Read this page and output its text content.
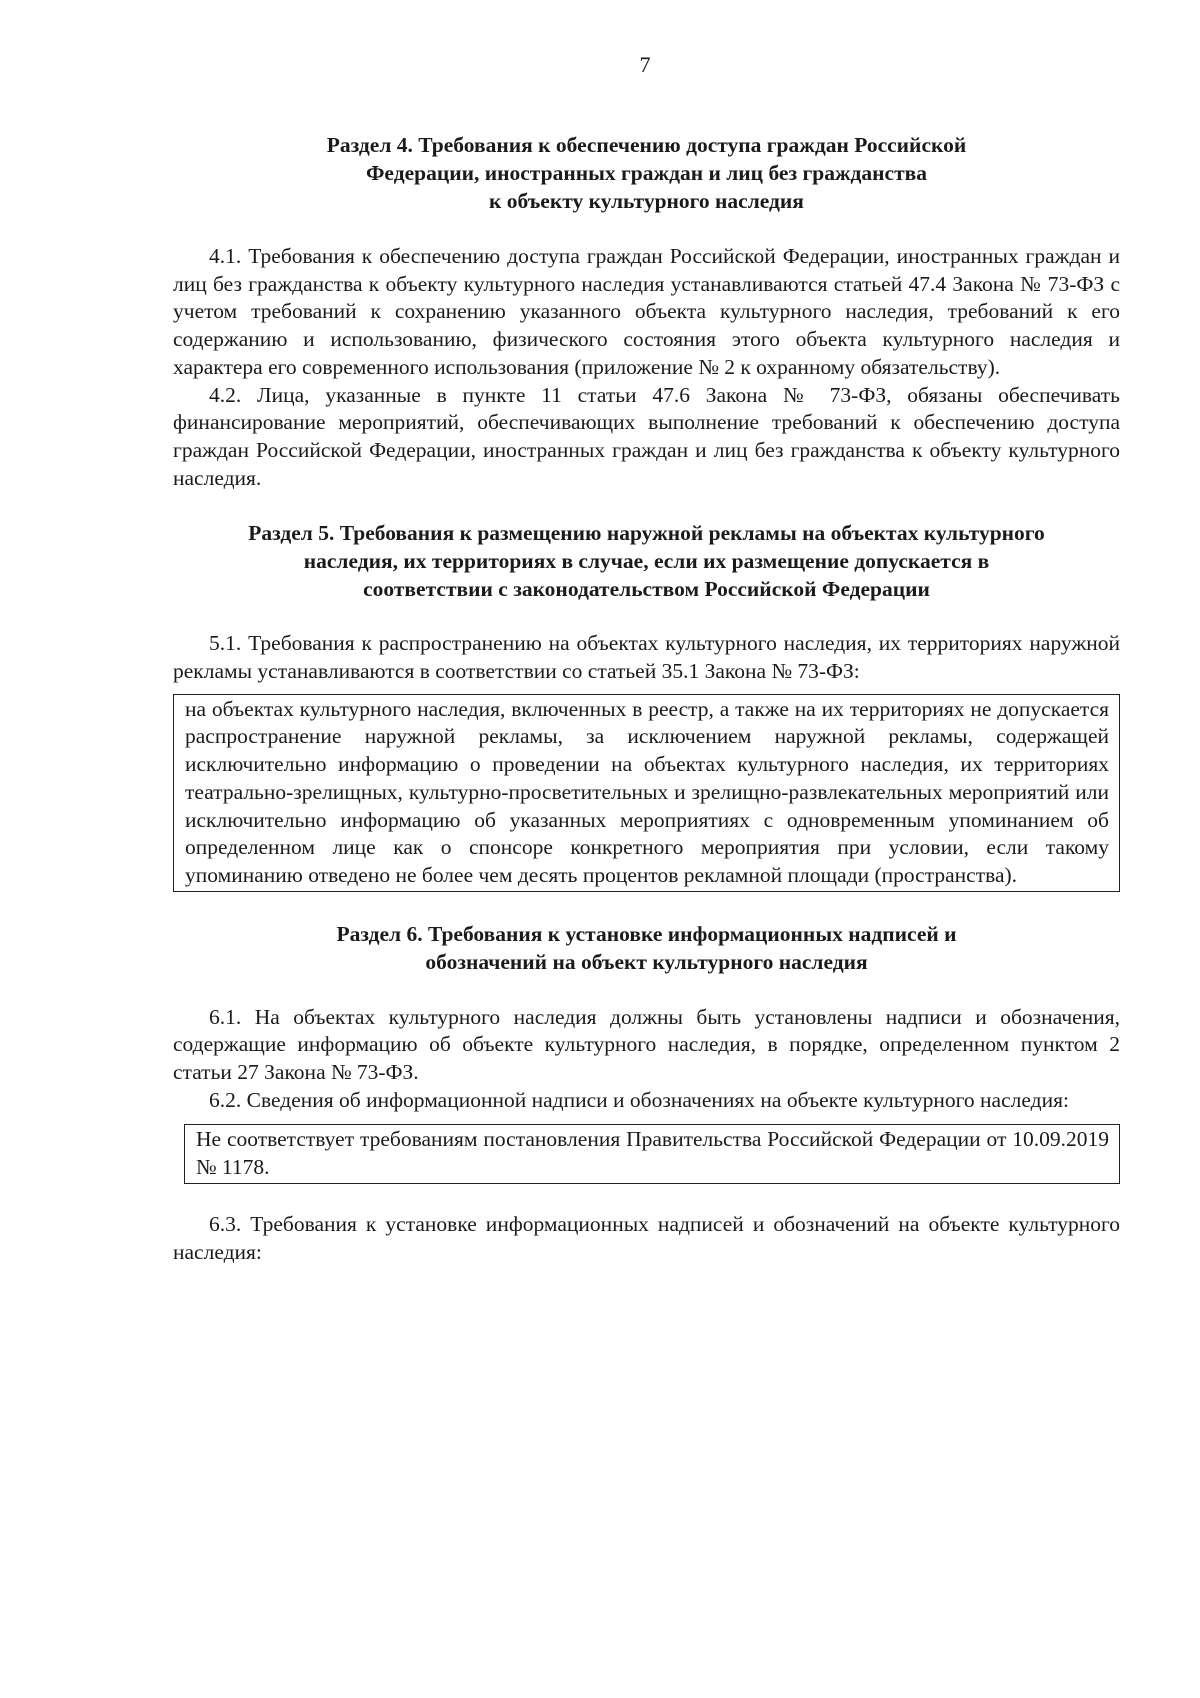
7
Раздел 4. Требования к обеспечению доступа граждан Российской
Федерации, иностранных граждан и лиц без гражданства
к объекту культурного наследия

4.1. Требования к обеспечению доступа граждан Российской Федерации, иностранных граждан и лиц без гражданства к объекту культурного наследия устанавливаются статьей 47.4 Закона № 73-ФЗ с учетом требований к сохранению указанного объекта культурного наследия, требований к его содержанию и использованию, физического состояния этого объекта культурного наследия и характера его современного использования (приложение № 2 к охранному обязательству).

4.2. Лица, указанные в пункте 11 статьи 47.6 Закона № 73-ФЗ, обязаны обеспечивать финансирование мероприятий, обеспечивающих выполнение требований к обеспечению доступа граждан Российской Федерации, иностранных граждан и лиц без гражданства к объекту культурного наследия.

Раздел 5. Требования к размещению наружной рекламы на объектах культурного
наследия, их территориях в случае, если их размещение допускается в
соответствии с законодательством Российской Федерации

5.1. Требования к распространению на объектах культурного наследия, их территориях наружной рекламы устанавливаются в соответствии со статьей 35.1 Закона № 73-ФЗ:

на объектах культурного наследия, включенных в реестр, а также на их территориях не допускается распространение наружной рекламы, за исключением наружной рекламы, содержащей исключительно информацию о проведении на объектах культурного наследия, их территориях театрально-зрелищных, культурно-просветительных и зрелищно-развлекательных мероприятий или исключительно информацию об указанных мероприятиях с одновременным упоминанием об определенном лице как о спонсоре конкретного мероприятия при условии, если такому упоминанию отведено не более чем десять процентов рекламной площади (пространства).
Раздел 6. Требования к установке информационных надписей и
обозначений на объект культурного наследия

6.1. На объектах культурного наследия должны быть установлены надписи и обозначения, содержащие информацию об объекте культурного наследия, в порядке, определенном пунктом 2 статьи 27 Закона № 73-ФЗ.

6.2. Сведения об информационной надписи и обозначениях на объекте культурного наследия:

Не соответствует требованиям постановления Правительства Российской Федерации от 10.09.2019 № 1178.

6.3. Требования к установке информационных надписей и обозначений на объекте культурного наследия:
